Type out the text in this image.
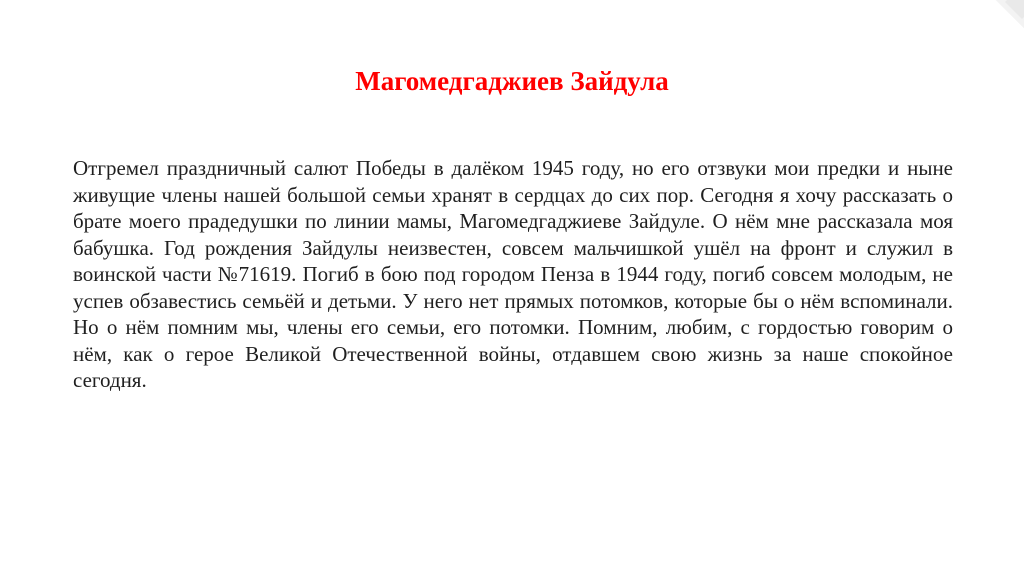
Магомедгаджиев Зайдула

Отгремел праздничный салют Победы в далёком 1945 году, но его отзвуки мои предки и ныне живущие члены нашей большой семьи хранят в сердцах до сих пор. Сегодня я хочу рассказать о брате моего прадедушки по линии мамы, Магомедгаджиеве Зайдуле. О нём мне рассказала моя бабушка. Год рождения Зайдулы неизвестен, совсем мальчишкой ушёл на фронт и служил в воинской части №71619. Погиб в бою под городом Пенза в 1944 году, погиб совсем молодым, не успев обзавестись семьёй и детьми. У него нет прямых потомков, которые бы о нём вспоминали. Но о нём помним мы, члены его семьи, его потомки. Помним, любим, с гордостью говорим о нём, как о герое Великой Отечественной войны, отдавшем свою жизнь за наше спокойное сегодня.
